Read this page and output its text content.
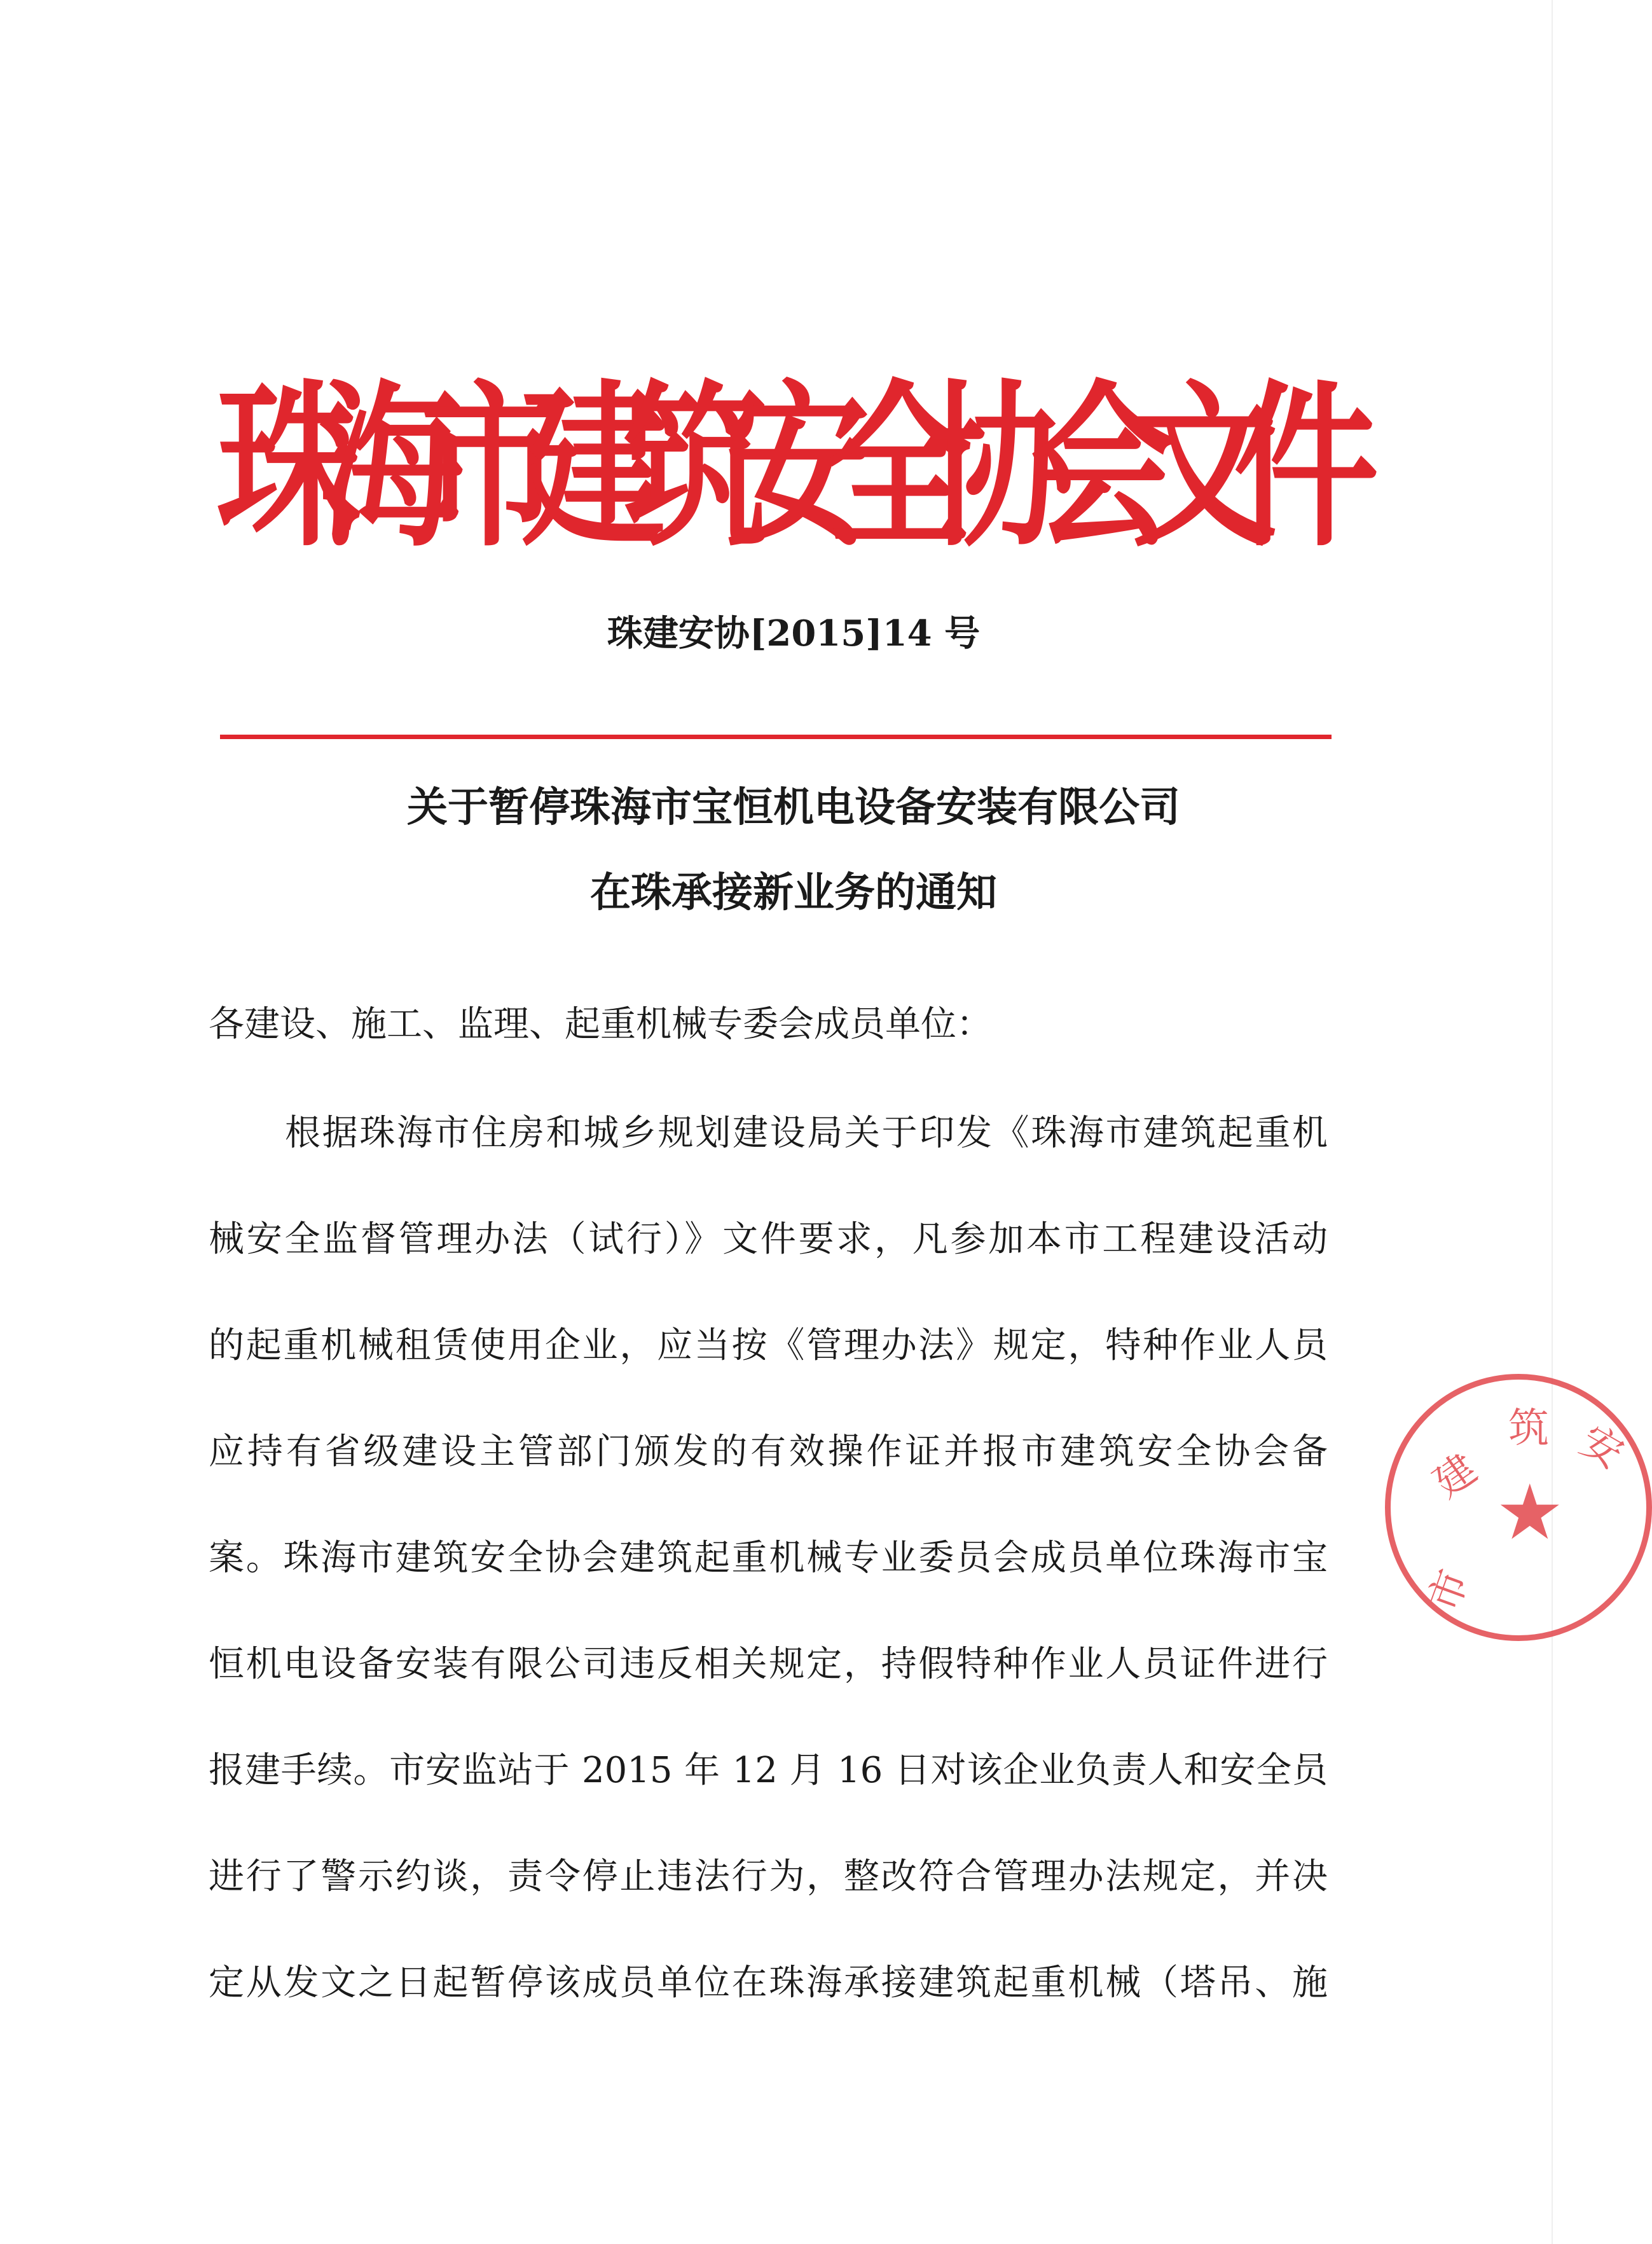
珠
海
市
建
筑
安
全
协
会
文
件
珠建安协[2015]14 号
关于暂停珠海市宝恒机电设备安装有限公司
在珠承接新业务的通知
各建设、施工、监理、起重机械专委会成员单位：
根据珠海市住房和城乡规划建设局关于印发《珠海市建筑起重机
械安全监督管理办法（试行）》文件要求，凡参加本市工程建设活动
的起重机械租赁使用企业，应当按《管理办法》规定，特种作业人员
应持有省级建设主管部门颁发的有效操作证并报市建筑安全协会备
案。珠海市建筑安全协会建筑起重机械专业委员会成员单位珠海市宝
恒机电设备安装有限公司违反相关规定，持假特种作业人员证件进行
报建手续。市安监站于 2015 年 12 月 16 日对该企业负责人和安全员
进行了警示约谈，责令停止违法行为，整改符合管理办法规定，并决
定从发文之日起暂停该成员单位在珠海承接建筑起重机械（塔吊、施
市
建
筑 安
★
